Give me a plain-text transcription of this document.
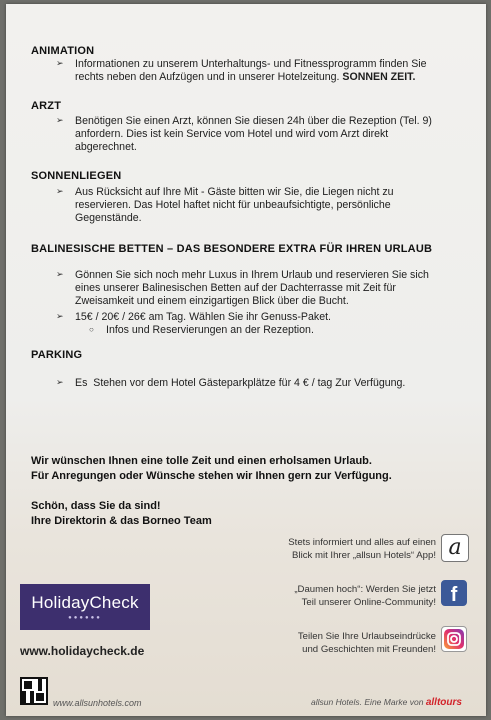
ANIMATION
➢ Informationen zu unserem Unterhaltungs- und Fitnessprogramm finden Sie
rechts neben den Aufzügen und in unserer Hotelzeitung. SONNEN ZEIT.
ARZT
➢ Benötigen Sie einen Arzt, können Sie diesen 24h über die Rezeption (Tel. 9)
anfordern. Dies ist kein Service vom Hotel und wird vom Arzt direkt
abgerechnet.
SONNENLIEGEN
➢ Aus Rücksicht auf Ihre Mit - Gäste bitten wir Sie, die Liegen nicht zu
reservieren. Das Hotel haftet nicht für unbeaufsichtigte, persönliche
Gegenstände.
BALINESISCHE BETTEN – DAS BESONDERE EXTRA FÜR IHREN URLAUB
➢ Gönnen Sie sich noch mehr Luxus in Ihrem Urlaub und reservieren Sie sich
eines unserer Balinesischen Betten auf der Dachterrasse mit Zeit für
Zweisamkeit und einem einzigartigen Blick über die Bucht.
➢ 15€ / 20€ / 26€ am Tag. Wählen Sie ihr Genuss-Paket.
○ Infos und Reservierungen an der Rezeption.
PARKING
➢ Es  Stehen vor dem Hotel Gästeparkplätze für 4 € / tag Zur Verfügung.
Wir wünschen Ihnen eine tolle Zeit und einen erholsamen Urlaub.
Für Anregungen oder Wünsche stehen wir Ihnen gern zur Verfügung.
Schön, dass Sie da sind!
Ihre Direktorin & das Borneo Team
Stets informiert und alles auf einen
Blick mit Ihrer „allsun Hotels“ App! a
„Daumen hoch“: Werden Sie jetzt
Teil unserer Online-Community! f
Teilen Sie Ihre Urlaubseindrücke
und Geschichten mit Freunden!
HolidayCheck
●●●●●●
www.holidaycheck.de
www.allsunhotels.com	allsun Hotels. Eine Marke von alltours
